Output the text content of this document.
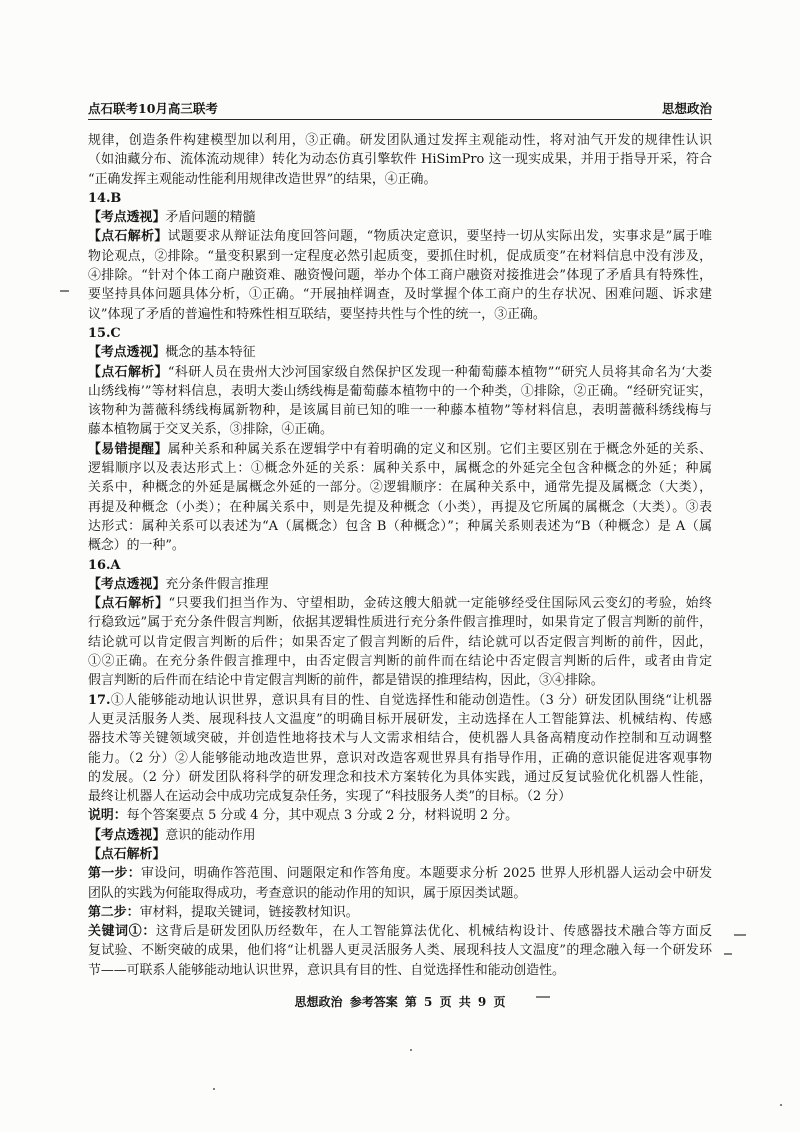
点石联考10月高三联考	思想政治
规律，创造条件构建模型加以利用，③正确。研发团队通过发挥主观能动性，将对油气开发的规律性认识
（如油藏分布、流体流动规律）转化为动态仿真引擎软件 HiSimPro 这一现实成果，并用于指导开采，符合
“正确发挥主观能动性能利用规律改造世界”的结果，④正确。
14.B
【考点透视】矛盾问题的精髓
【点石解析】试题要求从辩证法角度回答问题，“物质决定意识，要坚持一切从实际出发，实事求是”属于唯
物论观点，②排除。“量变积累到一定程度必然引起质变，要抓住时机，促成质变”在材料信息中没有涉及，
④排除。“针对个体工商户融资难、融资慢问题，举办个体工商户融资对接推进会”体现了矛盾具有特殊性，
要坚持具体问题具体分析，①正确。“开展抽样调查，及时掌握个体工商户的生存状况、困难问题、诉求建
议”体现了矛盾的普遍性和特殊性相互联结，要坚持共性与个性的统一，③正确。
15.C
【考点透视】概念的基本特征
【点石解析】“科研人员在贵州大沙河国家级自然保护区发现一种葡萄藤本植物”“研究人员将其命名为‘大娄
山绣线梅’”等材料信息，表明大娄山绣线梅是葡萄藤本植物中的一个种类，①排除，②正确。“经研究证实，
该物种为蔷薇科绣线梅属新物种，是该属目前已知的唯一一种藤本植物”等材料信息，表明蔷薇科绣线梅与
藤本植物属于交叉关系，③排除，④正确。
【易错提醒】属种关系和种属关系在逻辑学中有着明确的定义和区别。它们主要区别在于概念外延的关系、
逻辑顺序以及表达形式上：①概念外延的关系：属种关系中，属概念的外延完全包含种概念的外延；种属
关系中，种概念的外延是属概念外延的一部分。②逻辑顺序：在属种关系中，通常先提及属概念（大类），
再提及种概念（小类）；在种属关系中，则是先提及种概念（小类），再提及它所属的属概念（大类）。③表
达形式：属种关系可以表述为“A（属概念）包含 B（种概念）”；种属关系则表述为“B（种概念）是 A（属
概念）的一种”。
16.A
【考点透视】充分条件假言推理
【点石解析】“只要我们担当作为、守望相助，金砖这艘大船就一定能够经受住国际风云变幻的考验，始终
行稳致远”属于充分条件假言判断，依据其逻辑性质进行充分条件假言推理时，如果肯定了假言判断的前件，
结论就可以肯定假言判断的后件；如果否定了假言判断的后件，结论就可以否定假言判断的前件，因此，
①②正确。在充分条件假言推理中，由否定假言判断的前件而在结论中否定假言判断的后件，或者由肯定
假言判断的后件而在结论中肯定假言判断的前件，都是错误的推理结构，因此，③④排除。
17.①人能够能动地认识世界，意识具有目的性、自觉选择性和能动创造性。（3 分）研发团队围绕“让机器
人更灵活服务人类、展现科技人文温度”的明确目标开展研发，主动选择在人工智能算法、机械结构、传感
器技术等关键领域突破，并创造性地将技术与人文需求相结合，使机器人具备高精度动作控制和互动调整
能力。（2 分）②人能够能动地改造世界，意识对改造客观世界具有指导作用，正确的意识能促进客观事物
的发展。（2 分）研发团队将科学的研发理念和技术方案转化为具体实践，通过反复试验优化机器人性能，
最终让机器人在运动会中成功完成复杂任务，实现了“科技服务人类”的目标。（2 分）
说明：每个答案要点 5 分或 4 分，其中观点 3 分或 2 分，材料说明 2 分。
【考点透视】意识的能动作用
【点石解析】
第一步：审设问，明确作答范围、问题限定和作答角度。本题要求分析 2025 世界人形机器人运动会中研发
团队的实践为何能取得成功，考查意识的能动作用的知识，属于原因类试题。
第二步：审材料，提取关键词，链接教材知识。
关键词①：这背后是研发团队历经数年，在人工智能算法优化、机械结构设计、传感器技术融合等方面反
复试验、不断突破的成果，他们将“让机器人更灵活服务人类、展现科技人文温度”的理念融入每一个研发环
节——可联系人能够能动地认识世界，意识具有目的性、自觉选择性和能动创造性。
思想政治 参考答案 第 5 页 共 9 页
